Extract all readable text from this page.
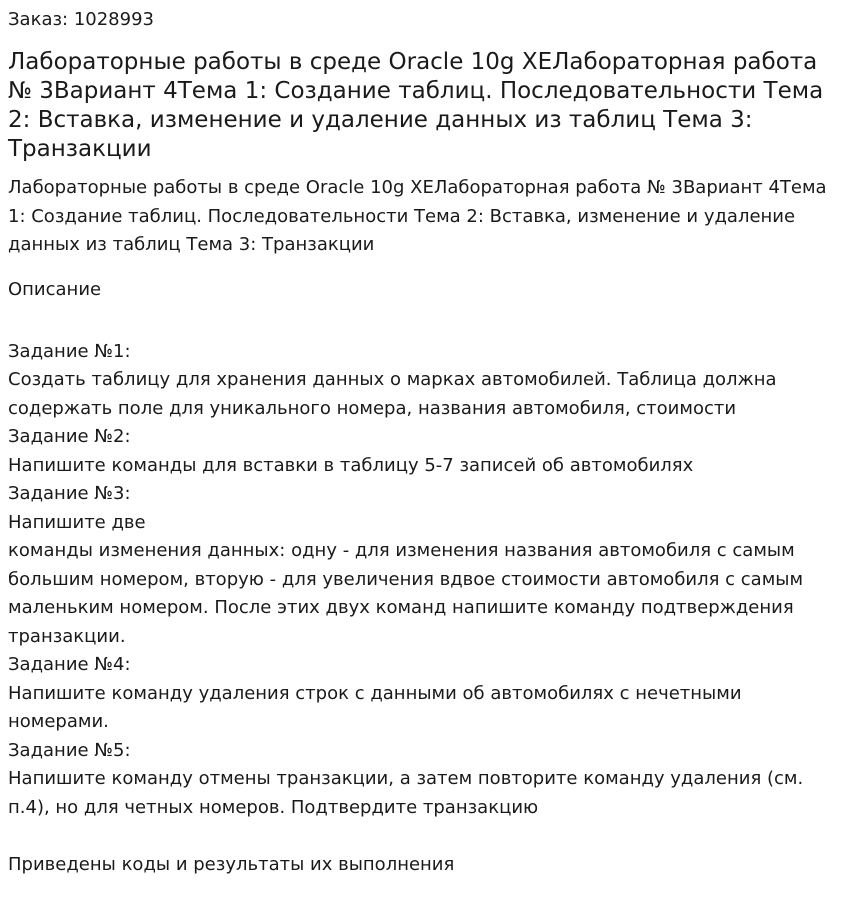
Заказ: 1028993
Лабораторные работы в среде Oracle 10g XEЛабораторная работа № 3Вариант 4Тема 1: Создание таблиц. Последовательности Тема 2: Вставка, изменение и удаление данных из таблиц Тема 3: Транзакции
Лабораторные работы в среде Oracle 10g XEЛабораторная работа № 3Вариант 4Тема 1: Создание таблиц. Последовательности Тема 2: Вставка, изменение и удаление данных из таблиц Тема 3: Транзакции
Описание

Задание №1:

Создать таблицу для хранения данных о марках автомобилей. Таблица должна содержать поле для уникального номера, названия автомобиля, стоимости

Задание №2:

Напишите команды для вставки в таблицу 5-7 записей об автомобилях

Задание №3:

Напишите две

команды изменения данных: одну - для изменения названия автомобиля с самым большим номером, вторую - для увеличения вдвое стоимости автомобиля с самым маленьким номером. После этих двух команд напишите команду подтверждения транзакции.

Задание №4:

Напишите команду удаления строк с данными об автомобилях с нечетными номерами.

Задание №5:

Напишите команду отмены транзакции, а затем повторите команду удаления (см. п.4), но для четных номеров. Подтвердите транзакцию

Приведены коды и результаты их выполнения
